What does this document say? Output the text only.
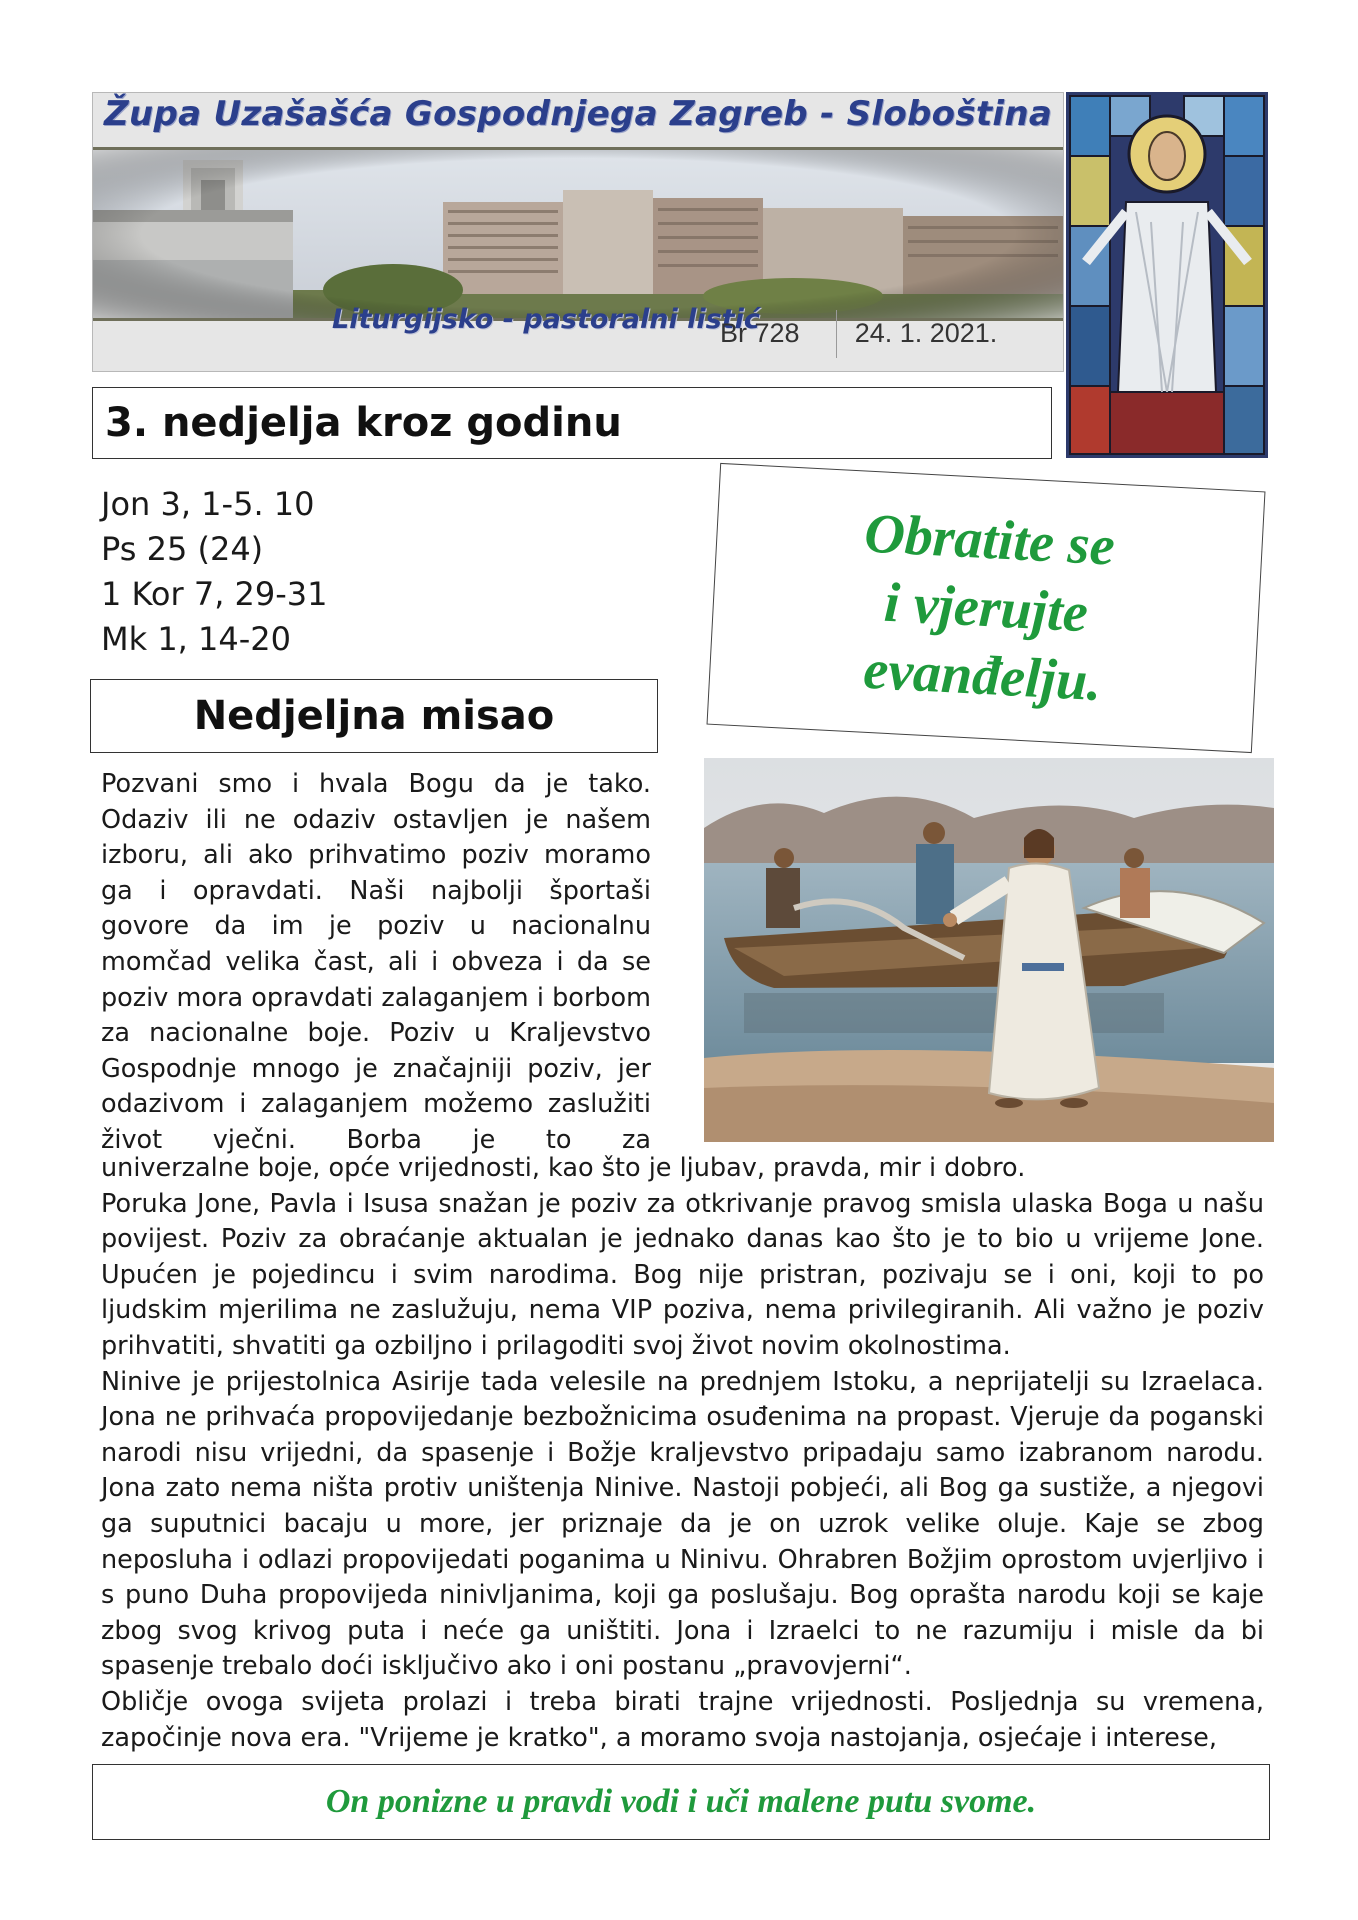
Župa Uzašašća Gospodnjega Zagreb - Sloboština
Liturgijsko - pastoralni listić
Br 728	24. 1. 2021.
3. nedjelja kroz godinu
Jon 3, 1-5. 10
Ps 25 (24)
1 Kor 7, 29-31
Mk 1, 14-20
Obratite se
i vjerujte
evanđelju.
Nedjeljna misao

Pozvani smo i hvala Bogu da je tako. Odaziv ili ne odaziv ostavljen je našem izboru, ali ako prihvatimo poziv moramo ga i opravdati. Naši najbolji športaši govore da im je poziv u nacionalnu momčad velika čast, ali i obveza i da se poziv mora opravdati zalaganjem i borbom za nacionalne boje. Poziv u Kraljevstvo Gospodnje mnogo je značajniji poziv, jer odazivom i zalaganjem možemo zaslužiti život vječni. Borba je to za

univerzalne boje, opće vrijednosti, kao što je ljubav, pravda, mir i dobro.

Poruka Jone, Pavla i Isusa snažan je poziv za otkrivanje pravog smisla ulaska Boga u našu povijest. Poziv za obraćanje aktualan je jednako danas kao što je to bio u vrijeme Jone. Upućen je pojedincu i svim narodima. Bog nije pristran, pozivaju se i oni, koji to po ljudskim mjerilima ne zaslužuju, nema VIP poziva, nema privilegiranih. Ali važno je poziv prihvatiti, shvatiti ga ozbiljno i prilagoditi svoj život novim okolnostima.

Ninive je prijestolnica Asirije tada velesile na prednjem Istoku, a neprijatelji su Izraelaca. Jona ne prihvaća propovijedanje bezbožnicima osuđenima na propast. Vjeruje da poganski narodi nisu vrijedni, da spasenje i Božje kraljevstvo pripadaju samo izabranom narodu. Jona zato nema ništa protiv uništenja Ninive. Nastoji pobjeći, ali Bog ga sustiže, a njegovi ga suputnici bacaju u more, jer priznaje da je on uzrok velike oluje. Kaje se zbog neposluha i odlazi propovijedati poganima u Ninivu. Ohrabren Božjim oprostom uvjerljivo i s puno Duha propovijeda ninivljanima, koji ga poslušaju. Bog oprašta narodu koji se kaje zbog svog krivog puta i neće ga uništiti. Jona i Izraelci to ne razumiju i misle da bi spasenje trebalo doći isključivo ako i oni postanu „pravovjerni“.

Obličje ovoga svijeta prolazi i treba birati trajne vrijednosti. Posljednja su vremena, započinje nova era. "Vrijeme je kratko", a moramo svoja nastojanja, osjećaje i interese,

On ponizne u pravdi vodi i uči malene putu svome.
